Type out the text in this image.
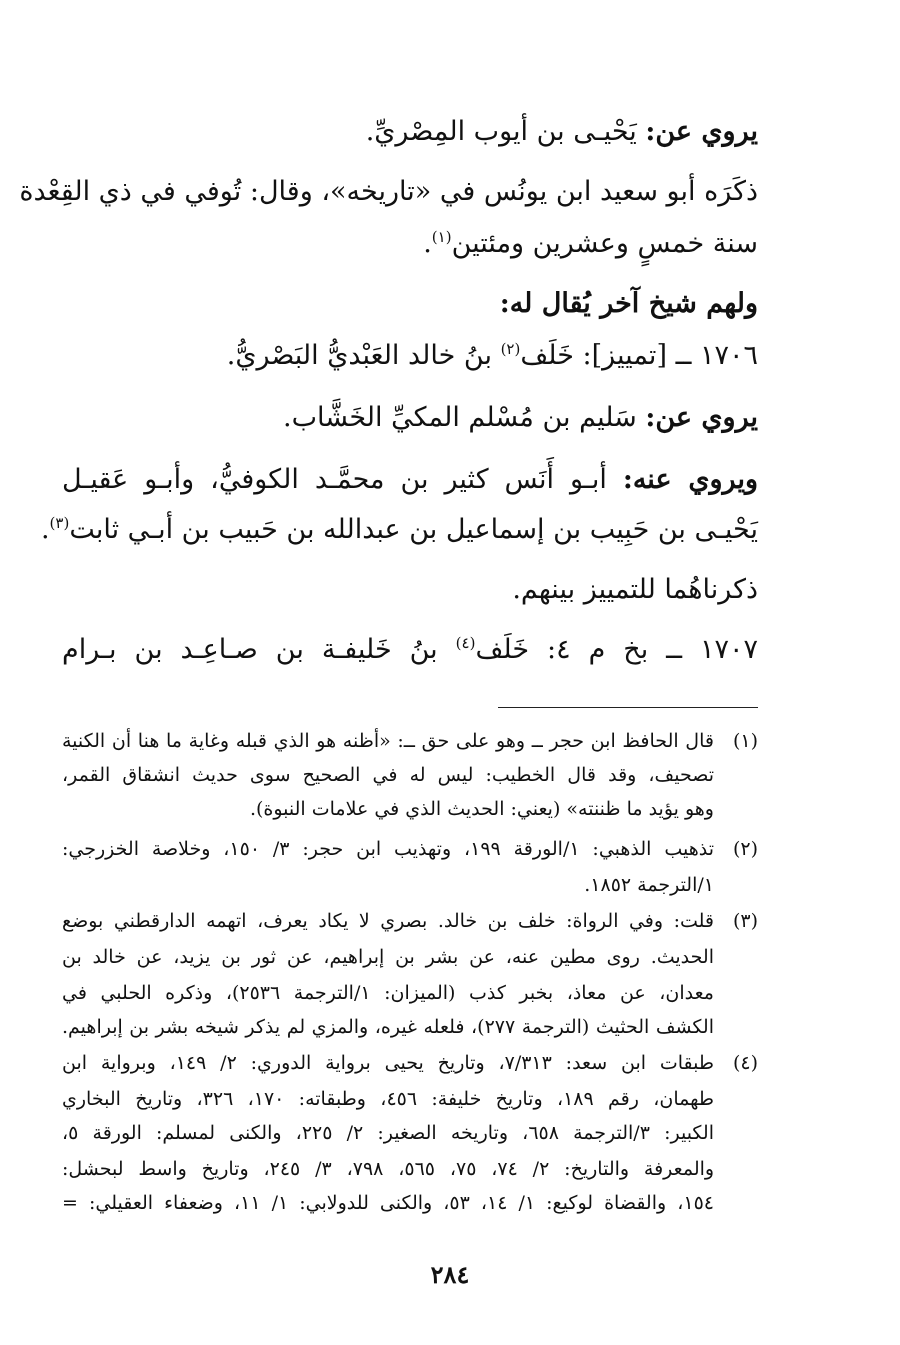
يروي عن: يَحْيـى بن أيوب المِصْريِّ.
ذكَرَه أبو سعيد ابن يونُس في «تاريخه»، وقال: تُوفي في ذي القِعْدة
سنة خمسٍ وعشرين ومئتين$^{(١)}$.
ولهم شيخ آخر يُقال له:
١٧٠٦ ــ [تمييز]: خَلَف$^{(٢)}$ بنُ خالد العَبْديُّ البَصْريُّ.
يروي عن: سَليم بن مُسْلم المكيِّ الخَشَّاب.
ويروي عنه: أبـو أَنَس كثير بن محمَّـد الكوفيُّ، وأبـو عَقيـل
يَحْيـى بن حَبِيب بن إسماعيل بن عبدالله بن حَبيب بن أبـي ثابت$^{(٣)}$.
ذكرناهُما للتمييز بينهم.
١٧٠٧ ــ بخ م ٤: خَلَف$^{(٤)}$ بنُ خَليفـة بن صـاعِـد بن بـرام
(١)
قال الحافظ ابن حجر ــ وهو على حق ــ: «أظنه هو الذي قبله وغاية ما هنا أن الكنية
تصحيف، وقد قال الخطيب: ليس له في الصحيح سوى حديث انشقاق القمر،
وهو يؤيد ما ظننته» (يعني: الحديث الذي في علامات النبوة).
(٢)
تذهيب الذهبي: ١/الورقة ١٩٩، وتهذيب ابن حجر: ٣/ ١٥٠، وخلاصة الخزرجي:
١/الترجمة ١٨٥٢.
(٣)
قلت: وفي الرواة: خلف بن خالد. بصري لا يكاد يعرف، اتهمه الدارقطني بوضع
الحديث. روى مطين عنه، عن بشر بن إبراهيم، عن ثور بن يزيد، عن خالد بن
معدان، عن معاذ، بخبر كذب (الميزان: ١/الترجمة ٢٥٣٦)، وذكره الحلبي في
الكشف الحثيث (الترجمة ٢٧٧)، فلعله غيره، والمزي لم يذكر شيخه بشر بن إبراهيم.
(٤)
طبقات ابن سعد: ٧/٣١٣، وتاريخ يحيى برواية الدوري: ٢/ ١٤٩، وبرواية ابن
طهمان، رقم ١٨٩، وتاريخ خليفة: ٤٥٦، وطبقاته: ١٧٠، ٣٢٦، وتاريخ البخاري
الكبير: ٣/الترجمة ٦٥٨، وتاريخه الصغير: ٢/ ٢٢٥، والكنى لمسلم: الورقة ٥،
والمعرفة والتاريخ: ٢/ ٧٤، ٧٥، ٥٦٥، ٧٩٨، ٣/ ٢٤٥، وتاريخ واسط لبحشل:
١٥٤، والقضاة لوكيع: ١/ ١٤، ٥٣، والكنى للدولابي: ١/ ١١، وضعفاء العقيلي: =
٢٨٤
